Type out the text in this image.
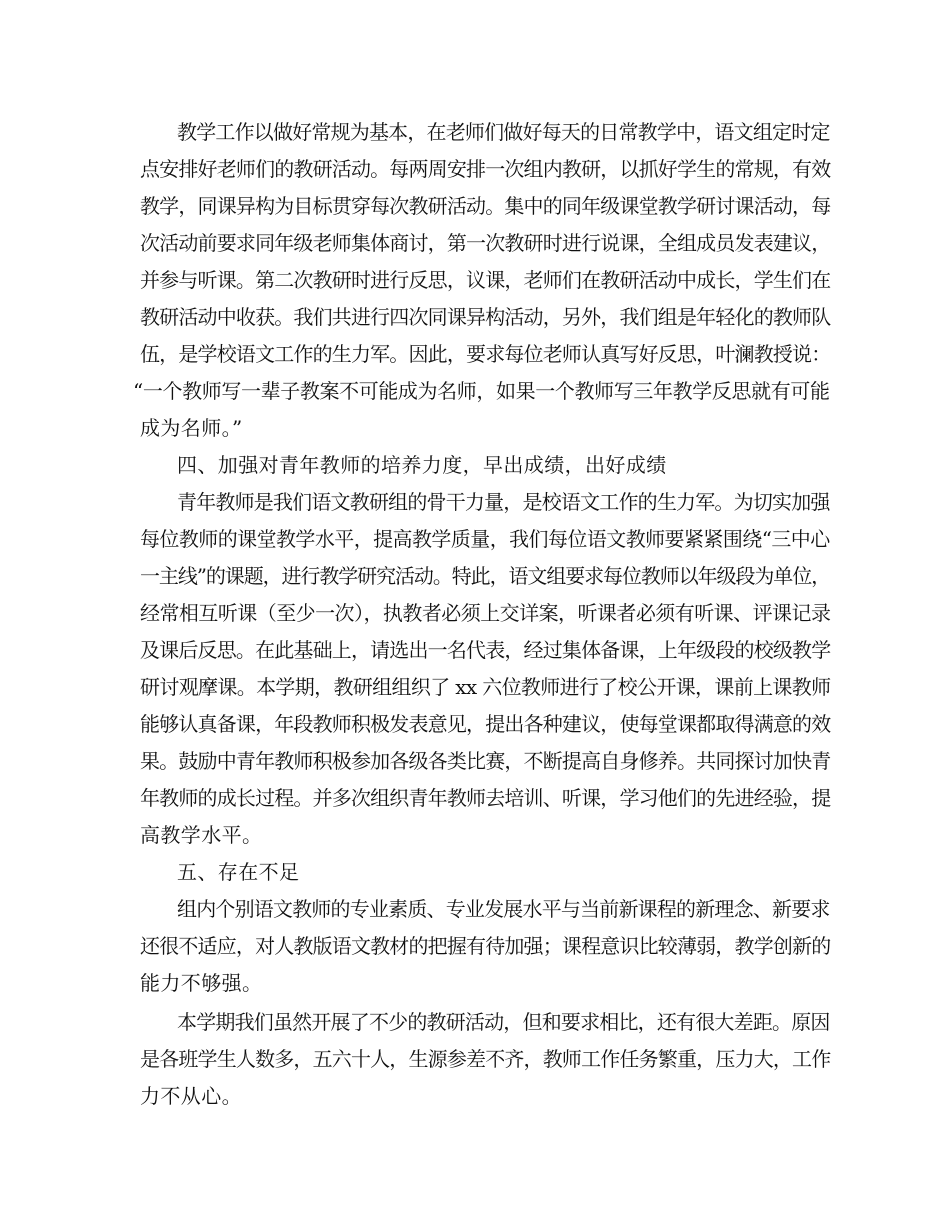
教学工作以做好常规为基本，在老师们做好每天的日常教学中，语文组定时定
点安排好老师们的教研活动。每两周安排一次组内教研，以抓好学生的常规，有效
教学，同课异构为目标贯穿每次教研活动。集中的同年级课堂教学研讨课活动，每
次活动前要求同年级老师集体商讨，第一次教研时进行说课，全组成员发表建议，
并参与听课。第二次教研时进行反思，议课，老师们在教研活动中成长，学生们在
教研活动中收获。我们共进行四次同课异构活动，另外，我们组是年轻化的教师队
伍，是学校语文工作的生力军。因此，要求每位老师认真写好反思，叶澜教授说：
“一个教师写一辈子教案不可能成为名师，如果一个教师写三年教学反思就有可能
成为名师。”
四、加强对青年教师的培养力度，早出成绩，出好成绩
青年教师是我们语文教研组的骨干力量，是校语文工作的生力军。为切实加强
每位教师的课堂教学水平，提高教学质量，我们每位语文教师要紧紧围绕“三中心
一主线”的课题，进行教学研究活动。特此，语文组要求每位教师以年级段为单位，
经常相互听课（至少一次），执教者必须上交详案，听课者必须有听课、评课记录
及课后反思。在此基础上，请选出一名代表，经过集体备课，上年级段的校级教学
研讨观摩课。本学期，教研组组织了 xx 六位教师进行了校公开课，课前上课教师
能够认真备课，年段教师积极发表意见，提出各种建议，使每堂课都取得满意的效
果。鼓励中青年教师积极参加各级各类比赛，不断提高自身修养。共同探讨加快青
年教师的成长过程。并多次组织青年教师去培训、听课，学习他们的先进经验，提
高教学水平。
五、存在不足
组内个别语文教师的专业素质、专业发展水平与当前新课程的新理念、新要求
还很不适应，对人教版语文教材的把握有待加强；课程意识比较薄弱，教学创新的
能力不够强。
本学期我们虽然开展了不少的教研活动，但和要求相比，还有很大差距。原因
是各班学生人数多，五六十人，生源参差不齐，教师工作任务繁重，压力大，工作
力不从心。
